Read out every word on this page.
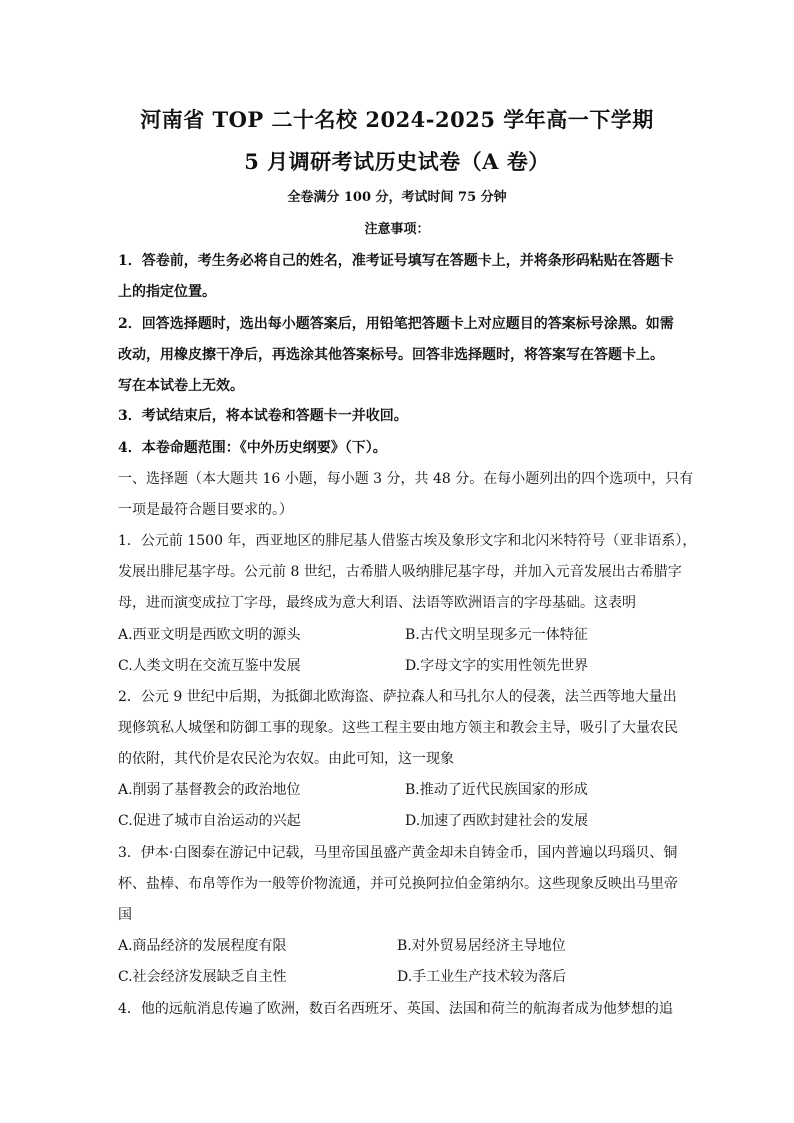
河南省 TOP 二十名校 2024-2025 学年高一下学期
5 月调研考试历史试卷（A 卷）
全卷满分 100 分，考试时间 75 分钟
注意事项：
1．答卷前，考生务必将自己的姓名，准考证号填写在答题卡上，并将条形码粘贴在答题卡
上的指定位置。
2．回答选择题时，选出每小题答案后，用铅笔把答题卡上对应题目的答案标号涂黑。如需
改动，用橡皮擦干净后，再选涂其他答案标号。回答非选择题时，将答案写在答题卡上。
写在本试卷上无效。
3．考试结束后，将本试卷和答题卡一并收回。
4．本卷命题范围：《中外历史纲要》（下）。
一、选择题（本大题共 16 小题，每小题 3 分，共 48 分。在每小题列出的四个选项中，只有
一项是最符合题目要求的。）
1．公元前 1500 年，西亚地区的腓尼基人借鉴古埃及象形文字和北闪米特符号（亚非语系），
发展出腓尼基字母。公元前 8 世纪，古希腊人吸纳腓尼基字母，并加入元音发展出古希腊字
母，进而演变成拉丁字母，最终成为意大利语、法语等欧洲语言的字母基础。这表明
A.西亚文明是西欧文明的源头	B.古代文明呈现多元一体特征
C.人类文明在交流互鉴中发展	D.字母文字的实用性领先世界
2．公元 9 世纪中后期，为抵御北欧海盗、萨拉森人和马扎尔人的侵袭，法兰西等地大量出
现修筑私人城堡和防御工事的现象。这些工程主要由地方领主和教会主导，吸引了大量农民
的依附，其代价是农民沦为农奴。由此可知，这一现象
A.削弱了基督教会的政治地位	B.推动了近代民族国家的形成
C.促进了城市自治运动的兴起	D.加速了西欧封建社会的发展
3．伊本·白图泰在游记中记载，马里帝国虽盛产黄金却未自铸金币，国内普遍以玛瑙贝、铜
杯、盐棒、布帛等作为一般等价物流通，并可兑换阿拉伯金第纳尔。这些现象反映出马里帝
国
A.商品经济的发展程度有限	B.对外贸易居经济主导地位
C.社会经济发展缺乏自主性	D.手工业生产技术较为落后
4．他的远航消息传遍了欧洲，数百名西班牙、英国、法国和荷兰的航海者成为他梦想的追
